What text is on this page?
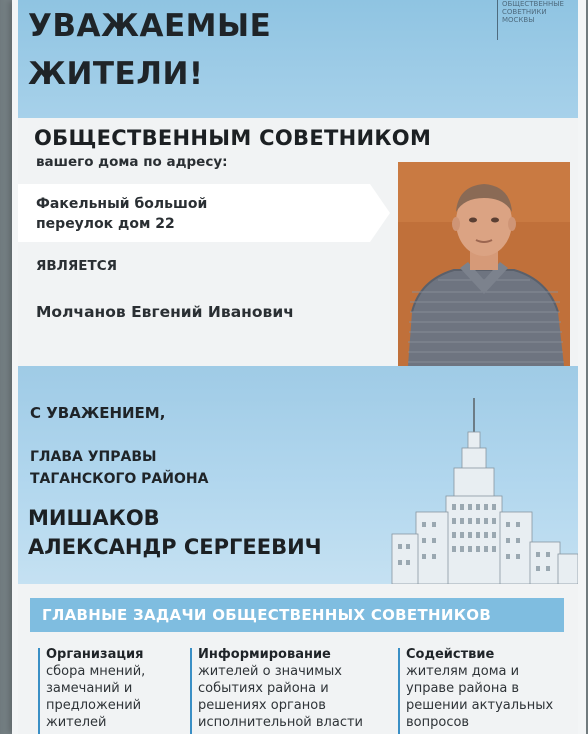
УВАЖАЕМЫЕ
ЖИТЕЛИ!
ОБЩЕСТВЕННЫЕ
СОВЕТНИКИ
МОСКВЫ
ОБЩЕСТВЕННЫМ СОВЕТНИКОМ
вашего дома по адресу:
Факельный большой
переулок дом 22
ЯВЛЯЕТСЯ
Молчанов Евгений Иванович
С УВАЖЕНИЕМ,
ГЛАВА УПРАВЫ
ТАГАНСКОГО РАЙОНА
МИШАКОВ
АЛЕКСАНДР СЕРГЕЕВИЧ
ГЛАВНЫЕ ЗАДАЧИ ОБЩЕСТВЕННЫХ СОВЕТНИКОВ
Организация
сбора мнений,
замечаний и
предложений
жителей
Информирование
жителей о значимых
событиях района и
решениях органов
исполнительной власти
Содействие
жителям дома и
управе района в
решении актуальных
вопросов
